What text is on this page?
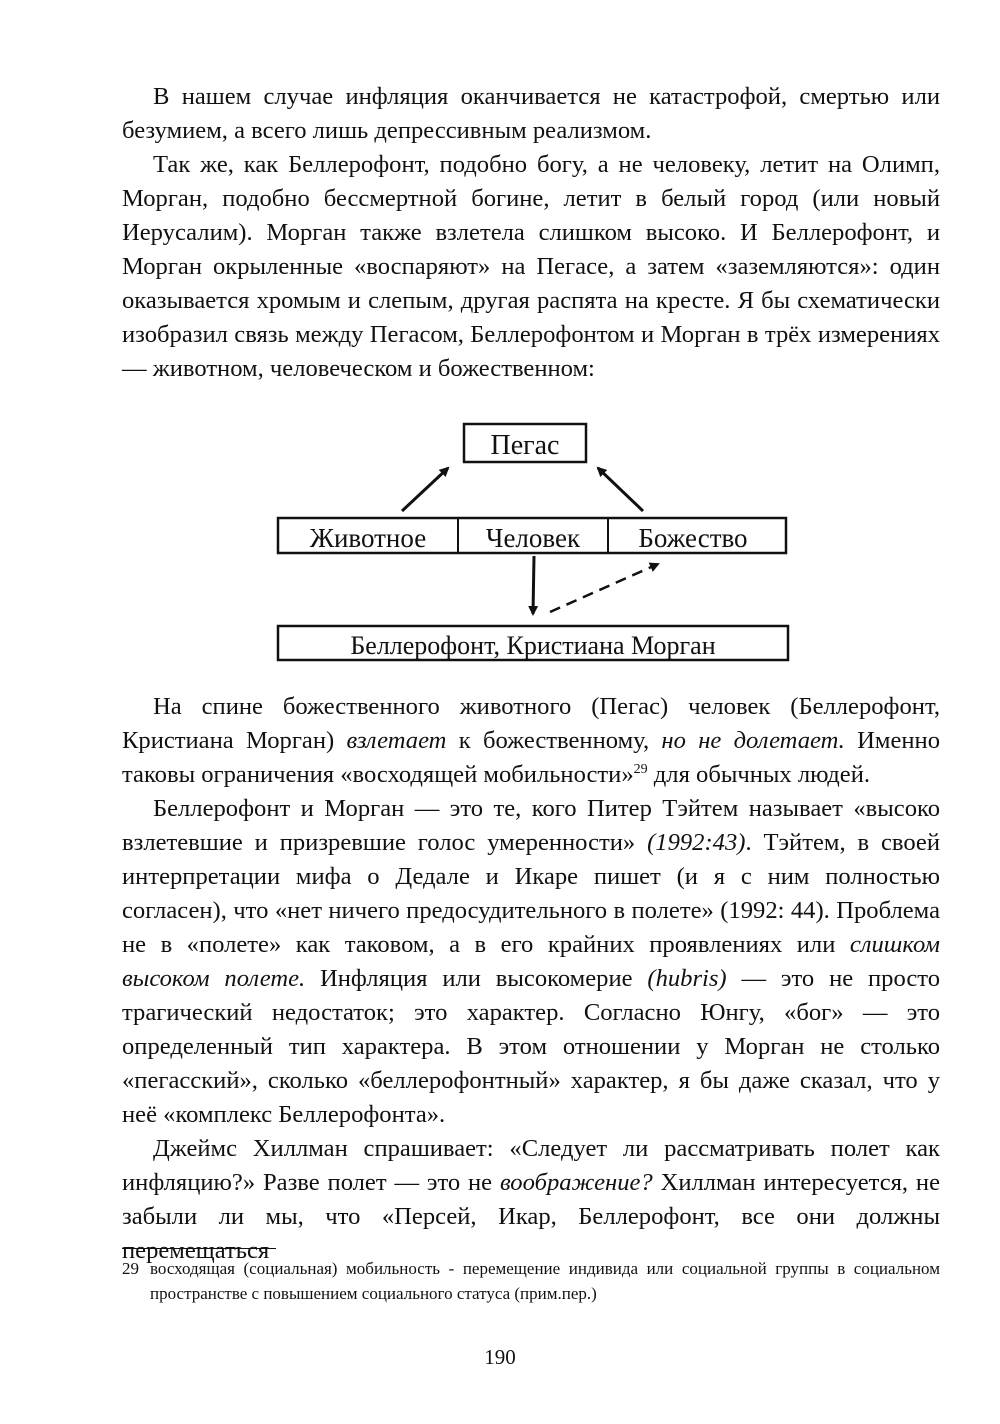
В нашем случае инфляция оканчивается не катастрофой, смертью или безумием, а всего лишь депрессивным реализмом.

Так же, как Беллерофонт, подобно богу, а не человеку, летит на Олимп, Морган, подобно бессмертной богине, летит в белый город (или новый Иерусалим). Морган также взлетела слишком высоко. И Беллерофонт, и Морган окрыленные «воспаряют» на Пегасе, а затем «заземляются»: один оказывается хромым и слепым, другая распята на кресте. Я бы схематически изобразил связь между Пегасом, Беллерофонтом и Морган в трёх измерениях — животном, человеческом и божественном:

Пегас
Животное Человек Божество
Беллерофонт, Кристиана Морган

На спине божественного животного (Пегас) человек (Беллерофонт, Кристиана Морган) взлетает к божественному, но не долетает. Именно таковы ограничения «восходящей мобильности»$^{29}$ для обычных людей.

Беллерофонт и Морган — это те, кого Питер Тэйтем называет «высоко взлетевшие и призревшие голос умеренности» (1992:43). Тэйтем, в своей интерпретации мифа о Дедале и Икаре пишет (и я с ним полностью согласен), что «нет ничего предосудительного в полете» (1992: 44). Проблема не в «полете» как таковом, а в его крайних проявлениях или слишком высоком полете. Инфляция или высокомерие (hubris) — это не просто трагический недостаток; это характер. Согласно Юнгу, «бог» — это определенный тип характера. В этом отношении у Морган не столько «пегасский», сколько «беллерофонтный» характер, я бы даже сказал, что у неё «комплекс Беллерофонта».

Джеймс Хиллман спрашивает: «Следует ли рассматривать полет как инфляцию?» Разве полет — это не воображение? Хиллман интересуется, не забыли ли мы, что «Персей, Икар, Беллерофонт, все они должны перемещаться

29 восходящая (социальная) мобильность - перемещение индивида или социальной группы в социальном пространстве с повышением социального статуса (прим.пер.)
190
